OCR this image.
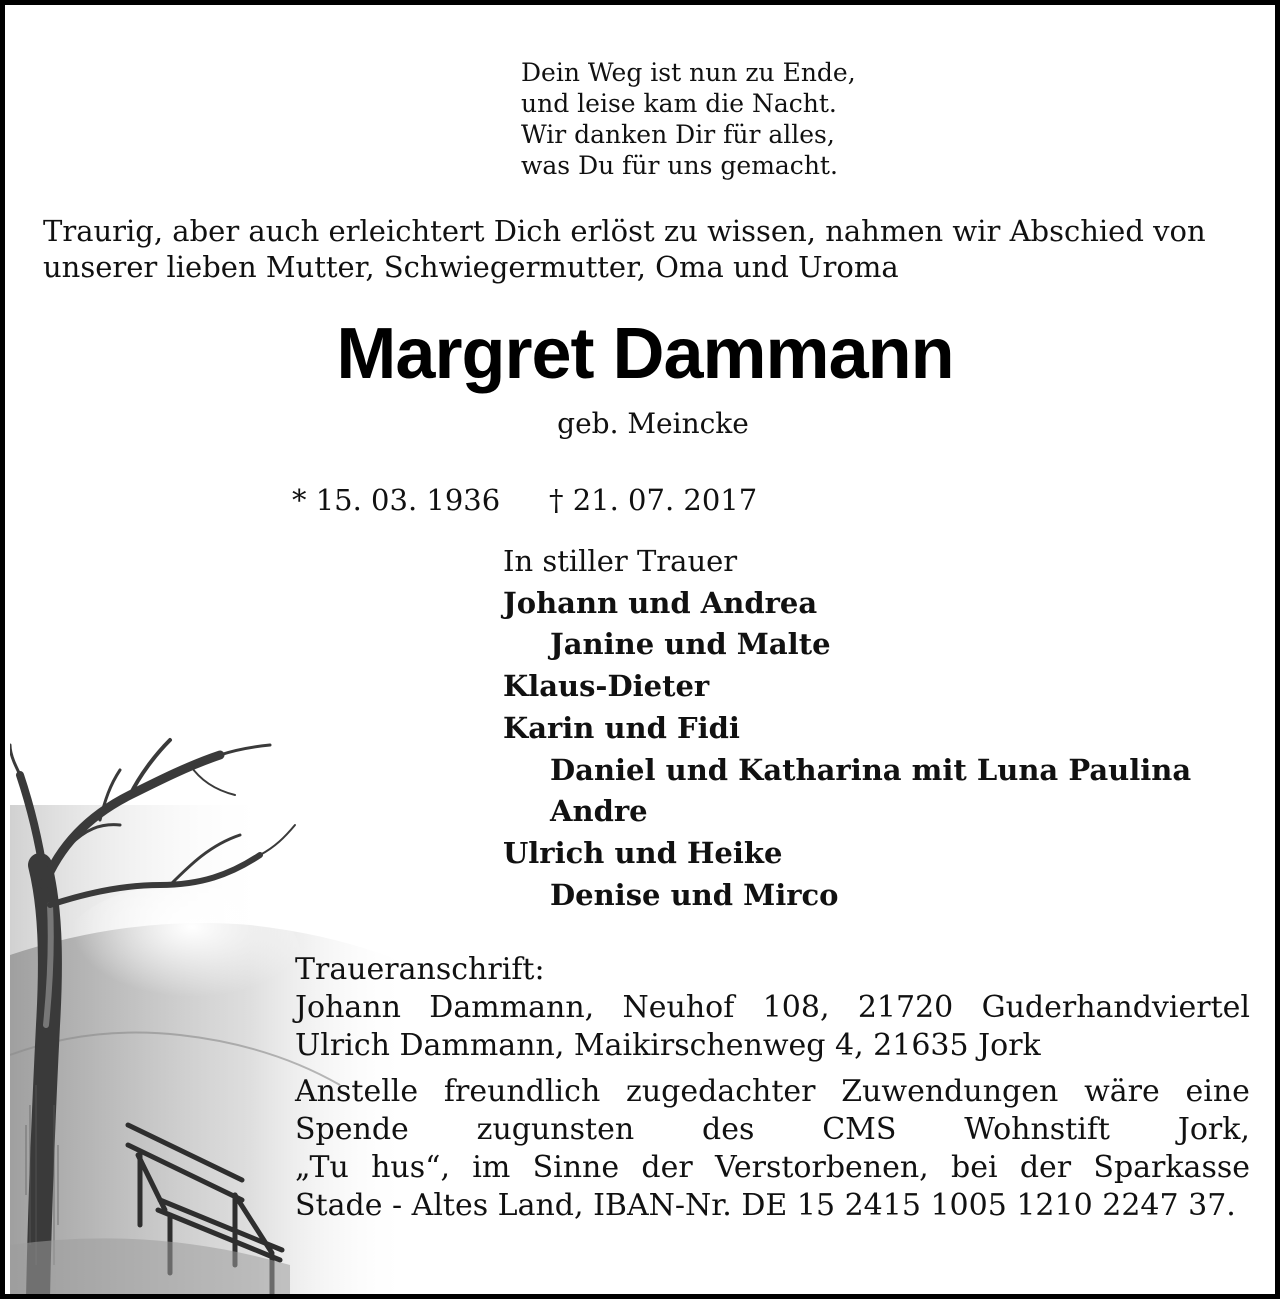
Dein Weg ist nun zu Ende,
und leise kam die Nacht.
Wir danken Dir für alles,
was Du für uns gemacht.
Traurig, aber auch erleichtert Dich erlöst zu wissen, nahmen wir Abschied von
unserer lieben Mutter, Schwiegermutter, Oma und Uroma
Margret Dammann
geb. Meincke
* 15. 03. 1936 † 21. 07. 2017
In stiller Trauer
Johann und Andrea
Janine und Malte
Klaus-Dieter
Karin und Fidi
Daniel und Katharina mit Luna Paulina
Andre
Ulrich und Heike
Denise und Mirco
Traueranschrift:
Johann Dammann, Neuhof 108, 21720 Guderhandviertel
Ulrich Dammann, Maikirschenweg 4, 21635 Jork
Anstelle freundlich zugedachter Zuwendungen wäre eine
Spende zugunsten des CMS Wohnstift Jork,
„Tu hus“, im Sinne der Verstorbenen, bei der Sparkasse
Stade - Altes Land, IBAN-Nr. DE 15 2415 1005 1210 2247 37.
